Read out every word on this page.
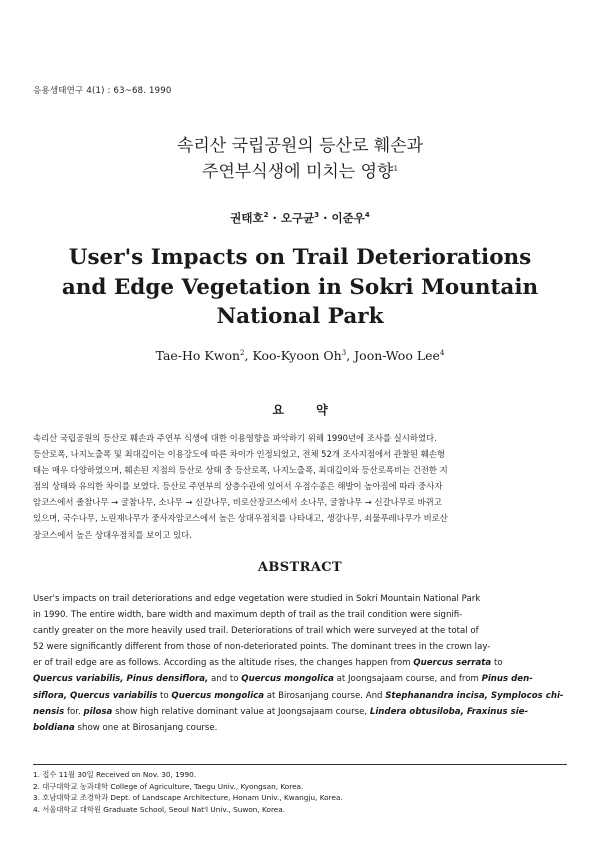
응용생태연구 4(1) : 63~68. 1990
속리산 국립공원의 등산로 훼손과
주연부식생에 미치는 영향$^1$
권태호$^2$ · 오구균$^3$ · 이준우$^4$
User's Impacts on Trail Deteriorations
and Edge Vegetation in Sokri Mountain
National Park
Tae-Ho Kwon$^2$, Koo-Kyoon Oh$^3$, Joon-Woo Lee$^4$
요 약
속리산 국립공원의 등산로 훼손과 주연부 식생에 대한 이용영향을 파악하기 위해 1990년에 조사를 실시하였다.
등산로폭, 나지노출폭 및 최대깊이는 이용강도에 따른 차이가 인정되었고, 전체 52개 조사지점에서 관찰된 훼손형
태는 매우 다양하였으며, 훼손된 지점의 등산로 상태 중 등산로폭, 나지노출폭, 최대깊이와 등산로폭비는 건전한 지
점의 상태와 유의한 차이를 보였다. 등산로 주연부의 상층수관에 있어서 우점수종은 해발이 높아짐에 따라 중사자
암코스에서 졸참나무 → 굴참나무, 소나무 → 신갈나무, 비로산장코스에서 소나무, 굴참나무 → 신갈나무로 바뀌고
있으며, 국수나무, 노린재나무가 중사자암코스에서 높은 상대우점치를 나타내고, 생강나무, 쇠물푸레나무가 비로산
장코스에서 높은 상대우점치를 보이고 있다.
ABSTRACT
User's impacts on trail deteriorations and edge vegetation were studied in Sokri Mountain National Park
in 1990. The entire width, bare width and maximum depth of trail as the trail condition were signifi-
cantly greater on the more heavily used trail. Deteriorations of trail which were surveyed at the total of
52 were significantly different from those of non-deteriorated points. The dominant trees in the crown lay-
er of trail edge are as follows. According as the altitude rises, the changes happen from Quercus serrata to
Quercus variabilis, Pinus densiflora, and to Quercus mongolica at Joongsajaam course, and from Pinus den-
siflora, Quercus variabilis to Quercus mongolica at Birosanjang course. And Stephanandra incisa, Symplocos chi-
nensis for. pilosa show high relative dominant value at Joongsajaam course, Lindera obtusiloba, Fraxinus sie-
boldiana show one at Birosanjang course.
1. 접수 11월 30일 Received on Nov. 30, 1990.
2. 대구대학교 농과대학 College of Agriculture, Taegu Univ., Kyongsan, Korea.
3. 호남대학교 조경학과 Dept. of Landscape Architecture, Honam Univ., Kwangju, Korea.
4. 서울대학교 대학원 Graduate School, Seoul Nat'l Univ., Suwon, Korea.
